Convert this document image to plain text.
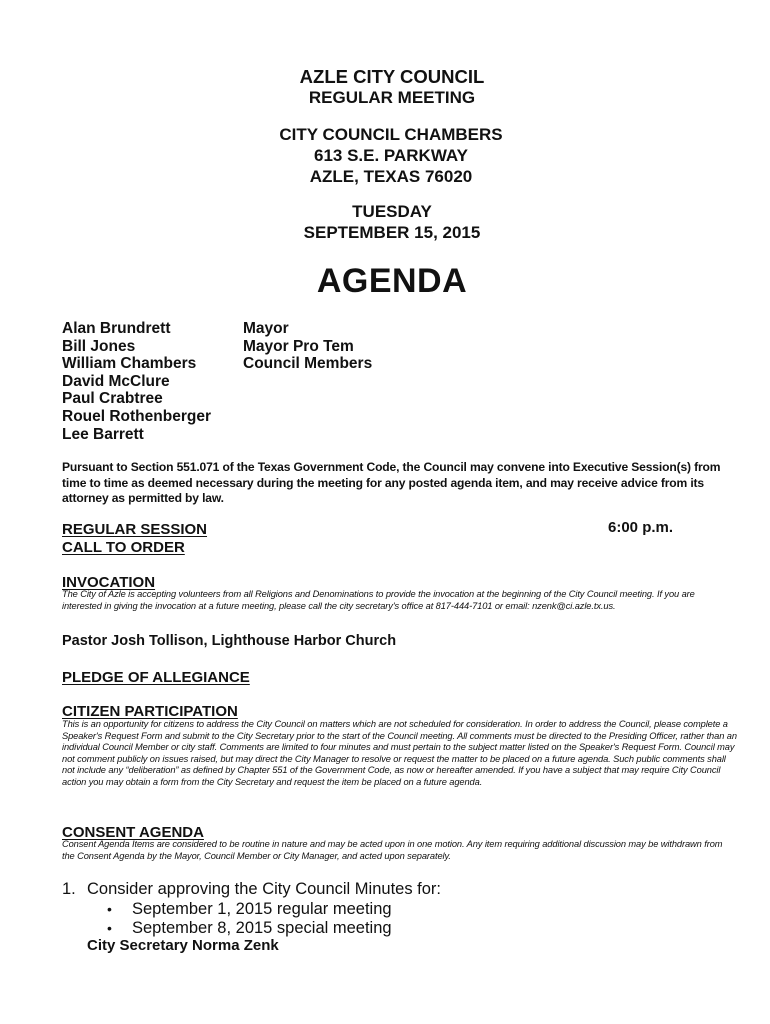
AZLE CITY COUNCIL
REGULAR MEETING
CITY COUNCIL CHAMBERS
613 S.E. PARKWAY
AZLE, TEXAS 76020
TUESDAY
SEPTEMBER 15, 2015
AGENDA
Alan Brundrett
Bill Jones
William Chambers
David McClure
Paul Crabtree
Rouel Rothenberger
Lee Barrett
Mayor
Mayor Pro Tem
Council Members
Pursuant to Section 551.071 of the Texas Government Code, the Council may convene into Executive Session(s) from time to time as deemed necessary during the meeting for any posted agenda item, and may receive advice from its attorney as permitted by law.
REGULAR SESSION
CALL TO ORDER
6:00 p.m.
INVOCATION
The City of Azle is accepting volunteers from all Religions and Denominations to provide the invocation at the beginning of the City Council meeting. If you are interested in giving the invocation at a future meeting, please call the city secretary's office at 817-444-7101 or email: nzenk@ci.azle.tx.us.
Pastor Josh Tollison, Lighthouse Harbor Church
PLEDGE OF ALLEGIANCE
CITIZEN PARTICIPATION
This is an opportunity for citizens to address the City Council on matters which are not scheduled for consideration. In order to address the Council, please complete a Speaker's Request Form and submit to the City Secretary prior to the start of the Council meeting. All comments must be directed to the Presiding Officer, rather than an individual Council Member or city staff. Comments are limited to four minutes and must pertain to the subject matter listed on the Speaker's Request Form. Council may not comment publicly on issues raised, but may direct the City Manager to resolve or request the matter to be placed on a future agenda. Such public comments shall not include any “deliberation” as defined by Chapter 551 of the Government Code, as now or hereafter amended. If you have a subject that may require City Council action you may obtain a form from the City Secretary and request the item be placed on a future agenda.
CONSENT AGENDA
Consent Agenda Items are considered to be routine in nature and may be acted upon in one motion. Any item requiring additional discussion may be withdrawn from the Consent Agenda by the Mayor, Council Member or City Manager, and acted upon separately.
1. Consider approving the City Council Minutes for:
• September 1, 2015 regular meeting
• September 8, 2015 special meeting
City Secretary Norma Zenk
